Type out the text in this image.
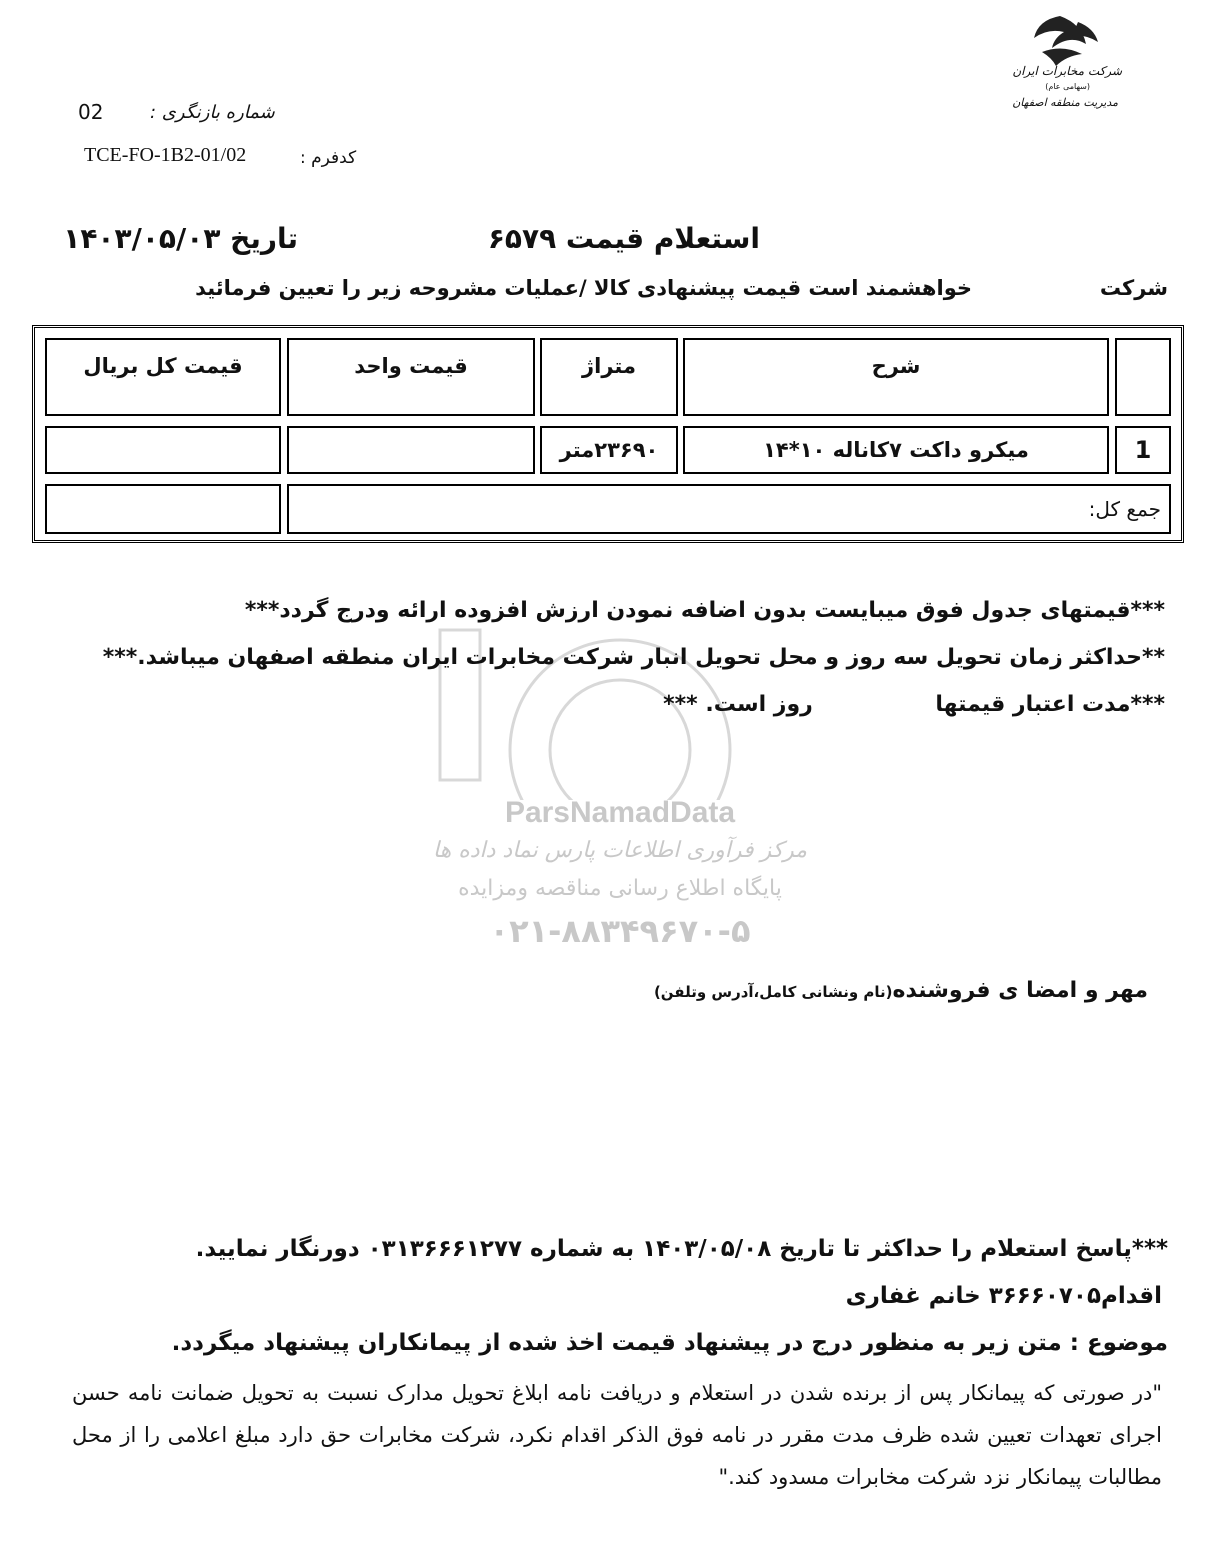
شرکت مخابرات ایران
(سهامی عام)
مدیریت منطقه اصفهان
شماره بازنگری :
02
کدفرم :
TCE-FO-1B2-01/02
استعلام قیمت ۶۵۷۹
تاریخ ۱۴۰۳/۰۵/۰۳
شرکت
خواهشمند است قیمت پیشنهادی کالا /عملیات مشروحه زیر را تعیین فرمائید
شرح
متراژ
قیمت واحد
قیمت کل بریال
1
میکرو داکت ۷کاناله ۱۰*۱۴
۲۳۶۹۰متر
جمع کل:
ParsNamadData
مرکز فرآوری اطلاعات پارس نماد داده ها
پایگاه اطلاع رسانی مناقصه ومزایده
۰۲۱-۸۸۳۴۹۶۷۰-۵
***قیمتهای جدول فوق میبایست بدون اضافه نمودن ارزش افزوده ارائه ودرج گردد***
**حداکثر زمان تحویل سه روز و محل تحویل انبار شرکت مخابرات ایران منطقه اصفهان میباشد.***
***مدت اعتبار قیمتها                روز است. ***
مهر و امضا ی فروشنده(نام ونشانی کامل،آدرس وتلفن)
***پاسخ استعلام را حداکثر تا تاریخ ۱۴۰۳/۰۵/۰۸ به شماره ۰۳۱۳۶۶۶۱۲۷۷ دورنگار نمایید.
اقدام۳۶۶۶۰۷۰۵ خانم غفاری
موضوع : متن زیر به منظور درج در پیشنهاد قیمت اخذ شده از پیمانکاران پیشنهاد میگردد.
"در صورتی که پیمانکار پس از برنده شدن در استعلام و دریافت نامه ابلاغ تحویل مدارک نسبت به تحویل ضمانت نامه حسن اجرای تعهدات تعیین شده ظرف مدت مقرر در نامه فوق الذکر اقدام نکرد، شرکت مخابرات حق دارد مبلغ اعلامی را از محل مطالبات پیمانکار نزد شرکت مخابرات مسدود کند."
